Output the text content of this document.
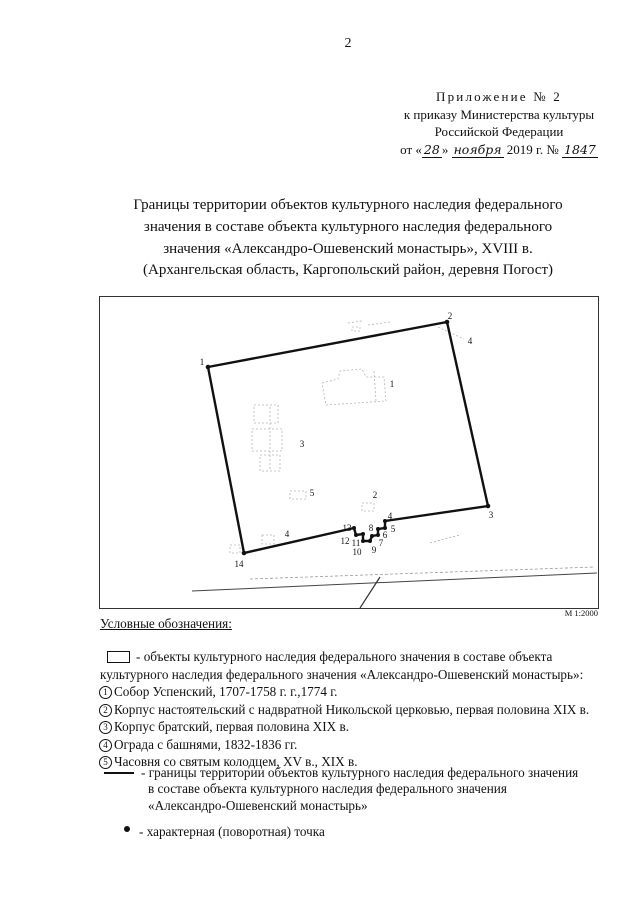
2
Приложение № 2
к приказу Министерства культуры
Российской Федерации
от « 28 » ноября 2019 г. № 1847
Границы территории объектов культурного наследия федерального
значения в составе объекта культурного наследия федерального
значения «Александро-Ошевенский монастырь», XVIII в.
(Архангельская область, Каргопольский район, деревня Погост)
1
2
3
4
5
6
7
8
9
10
11
12
13
14
1
2
3
4
4
5
М 1:2000
Условные обозначения:
- объекты культурного наследия федерального значения в составе объекта
культурного наследия федерального значения «Александро-Ошевенский монастырь»:
1 Собор Успенский, 1707-1758 г. г.,1774 г.
2 Корпус настоятельский с надвратной Никольской церковью, первая половина XIX в.
3 Корпус братский, первая половина XIX в.
4 Ограда с башнями, 1832-1836 гг.
5 Часовня со святым колодцем, XV в., XIX в.
- границы территории объектов культурного наследия федерального значения
в составе объекта культурного наследия федерального значения
«Александро-Ошевенский монастырь»
- характерная (поворотная) точка
